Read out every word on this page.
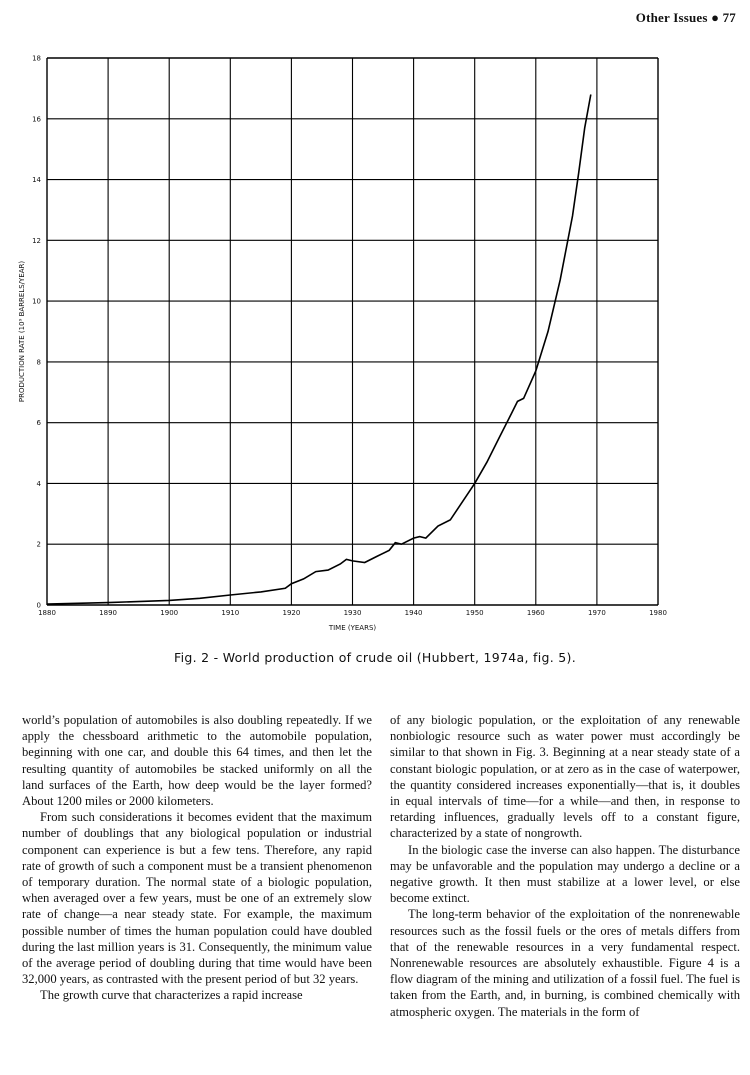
Other Issues ● 77
1880	1890	1900	1910	1920	1930	1940	1950	1960	1970	1980
0
2
4
6
8
10
12
14
16
18
TIME (YEARS)
PRODUCTION RATE (10⁹ BARRELS/YEAR)
Fig. 2 - World production of crude oil (Hubbert, 1974a, fig. 5).

world’s population of automobiles is also doubling repeatedly. If we apply the chessboard arithmetic to the automobile population, beginning with one car, and double this 64 times, and then let the resulting quantity of automobiles be stacked uniformly on all the land surfaces of the Earth, how deep would be the layer formed? About 1200 miles or 2000 kilometers.

From such considerations it becomes evident that the maximum number of doublings that any biological population or industrial component can experience is but a few tens. Therefore, any rapid rate of growth of such a component must be a transient phenomenon of temporary duration. The normal state of a biologic population, when averaged over a few years, must be one of an extremely slow rate of change—a near steady state. For example, the maximum possible number of times the human population could have doubled during the last million years is 31. Consequently, the minimum value of the average period of doubling during that time would have been 32,000 years, as contrasted with the present period of but 32 years.

The growth curve that characterizes a rapid increase

of any biologic population, or the exploitation of any renewable nonbiologic resource such as water power must accordingly be similar to that shown in Fig. 3. Beginning at a near steady state of a constant biologic population, or at zero as in the case of waterpower, the quantity considered increases exponentially—that is, it doubles in equal intervals of time—for a while—and then, in response to retarding influences, gradually levels off to a constant figure, characterized by a state of nongrowth.

In the biologic case the inverse can also happen. The disturbance may be unfavorable and the population may undergo a decline or a negative growth. It then must stabilize at a lower level, or else become extinct.

The long-term behavior of the exploitation of the nonrenewable resources such as the fossil fuels or the ores of metals differs from that of the renewable resources in a very fundamental respect. Nonrenewable resources are absolutely exhaustible. Figure 4 is a flow diagram of the mining and utilization of a fossil fuel. The fuel is taken from the Earth, and, in burning, is combined chemically with atmospheric oxygen. The materials in the form of
